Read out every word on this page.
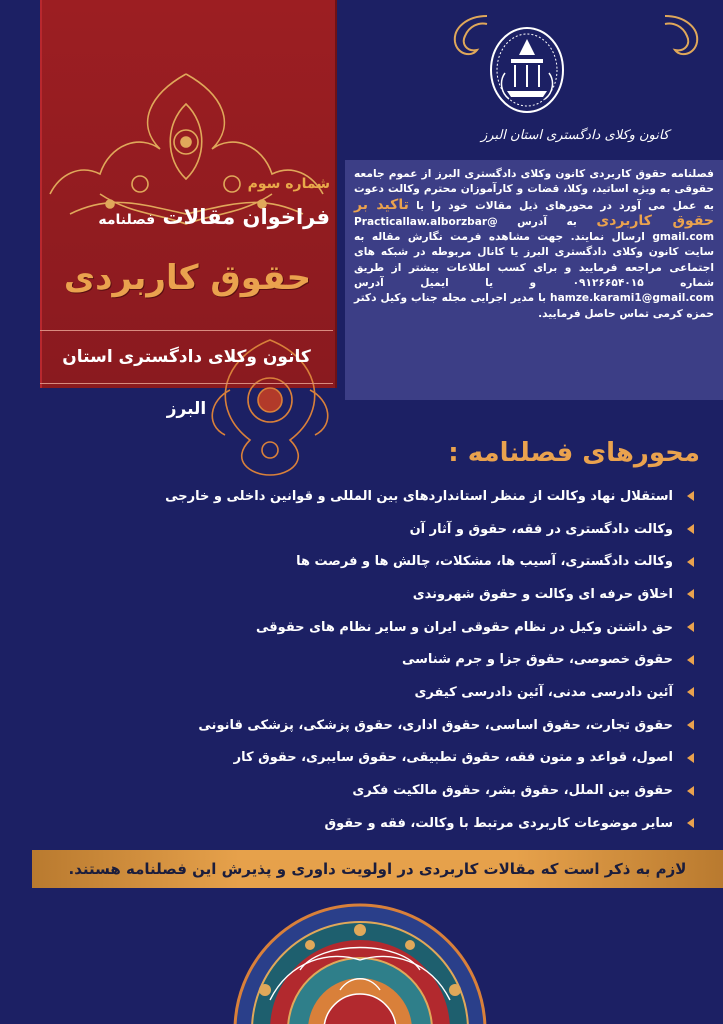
کانون وکلای دادگستری استان البرز
شماره سوم
فراخوان مقالات فصلنامه
حقوق کاربردی
کانون وکلای دادگستری استان البرز
فصلنامه حقوق کاربردی کانون وکلای دادگستری البرز از عموم جامعه حقوقی به ویژه اساتید، وکلا، قضات و کارآموزان محترم وکالت دعوت به عمل می آورد در محورهای ذیل مقالات خود را با تاکید بر حقوق کاربردی به آدرس Practicallaw.alborzbar@ gmail.com ارسال نمایند. جهت مشاهده فرمت نگارش مقاله به سایت کانون وکلای دادگستری البرز یا کانال مربوطه در شبکه های اجتماعی مراجعه فرمایید و برای کسب اطلاعات بیشتر از طریق شماره ۰۹۱۲۶۶۵۴۰۱۵ و یا ایمیل آدرس hamze.karami1@gmail.com با مدیر اجرایی مجله جناب وکیل دکتر حمزه کرمی تماس حاصل فرمایید.
محورهای فصلنامه :
استقلال نهاد وکالت از منظر استانداردهای بین المللی و قوانین داخلی و خارجی
وکالت دادگستری در فقه، حقوق و آثار آن
وکالت دادگستری، آسیب ها، مشکلات، چالش ها و فرصت ها
اخلاق حرفه ای وکالت و حقوق شهروندی
حق داشتن وکیل در نظام حقوقی ایران و سایر نظام های حقوقی
حقوق خصوصی، حقوق جزا و جرم شناسی
آئین دادرسی مدنی، آئین دادرسی کیفری
حقوق تجارت، حقوق اساسی، حقوق اداری، حقوق پزشکی، پزشکی قانونی
اصول، قواعد و متون فقه، حقوق تطبیقی، حقوق سایبری، حقوق کار
حقوق بین الملل، حقوق بشر، حقوق مالکیت فکری
سایر موضوعات کاربردی مرتبط با وکالت، فقه و حقوق
لازم به ذکر است که مقالات کاربردی در اولویت داوری و پذیرش این فصلنامه هستند.
